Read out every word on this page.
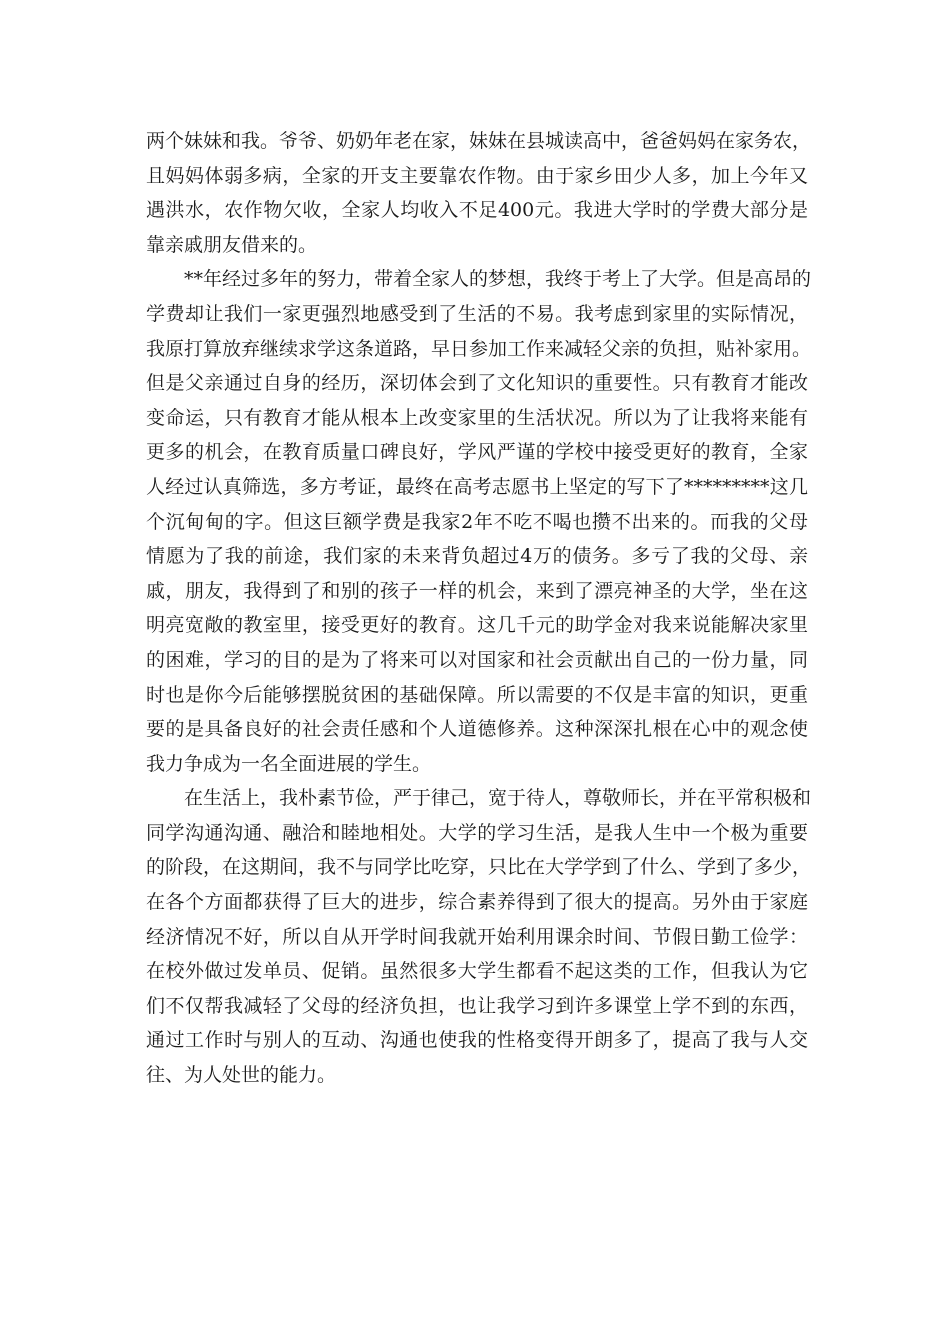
两个妹妹和我。爷爷、奶奶年老在家，妹妹在县城读高中，爸爸妈妈在家务农，
且妈妈体弱多病，全家的开支主要靠农作物。由于家乡田少人多，加上今年又
遇洪水，农作物欠收，全家人均收入不足400元。我进大学时的学费大部分是
靠亲戚朋友借来的。
**年经过多年的努力，带着全家人的梦想，我终于考上了大学。但是高昂的
学费却让我们一家更强烈地感受到了生活的不易。我考虑到家里的实际情况，
我原打算放弃继续求学这条道路，早日参加工作来减轻父亲的负担，贴补家用。
但是父亲通过自身的经历，深切体会到了文化知识的重要性。只有教育才能改
变命运，只有教育才能从根本上改变家里的生活状况。所以为了让我将来能有
更多的机会，在教育质量口碑良好，学风严谨的学校中接受更好的教育，全家
人经过认真筛选，多方考证，最终在高考志愿书上坚定的写下了*********这几
个沉甸甸的字。但这巨额学费是我家2年不吃不喝也攒不出来的。而我的父母
情愿为了我的前途，我们家的未来背负超过4万的债务。多亏了我的父母、亲
戚，朋友，我得到了和别的孩子一样的机会，来到了漂亮神圣的大学，坐在这
明亮宽敞的教室里，接受更好的教育。这几千元的助学金对我来说能解决家里
的困难，学习的目的是为了将来可以对国家和社会贡献出自己的一份力量，同
时也是你今后能够摆脱贫困的基础保障。所以需要的不仅是丰富的知识，更重
要的是具备良好的社会责任感和个人道德修养。这种深深扎根在心中的观念使
我力争成为一名全面进展的学生。
在生活上，我朴素节俭，严于律己，宽于待人，尊敬师长，并在平常积极和
同学沟通沟通、融洽和睦地相处。大学的学习生活，是我人生中一个极为重要
的阶段，在这期间，我不与同学比吃穿，只比在大学学到了什么、学到了多少，
在各个方面都获得了巨大的进步，综合素养得到了很大的提高。另外由于家庭
经济情况不好，所以自从开学时间我就开始利用课余时间、节假日勤工俭学：
在校外做过发单员、促销。虽然很多大学生都看不起这类的工作，但我认为它
们不仅帮我减轻了父母的经济负担，也让我学习到许多课堂上学不到的东西，
通过工作时与别人的互动、沟通也使我的性格变得开朗多了，提高了我与人交
往、为人处世的能力。
